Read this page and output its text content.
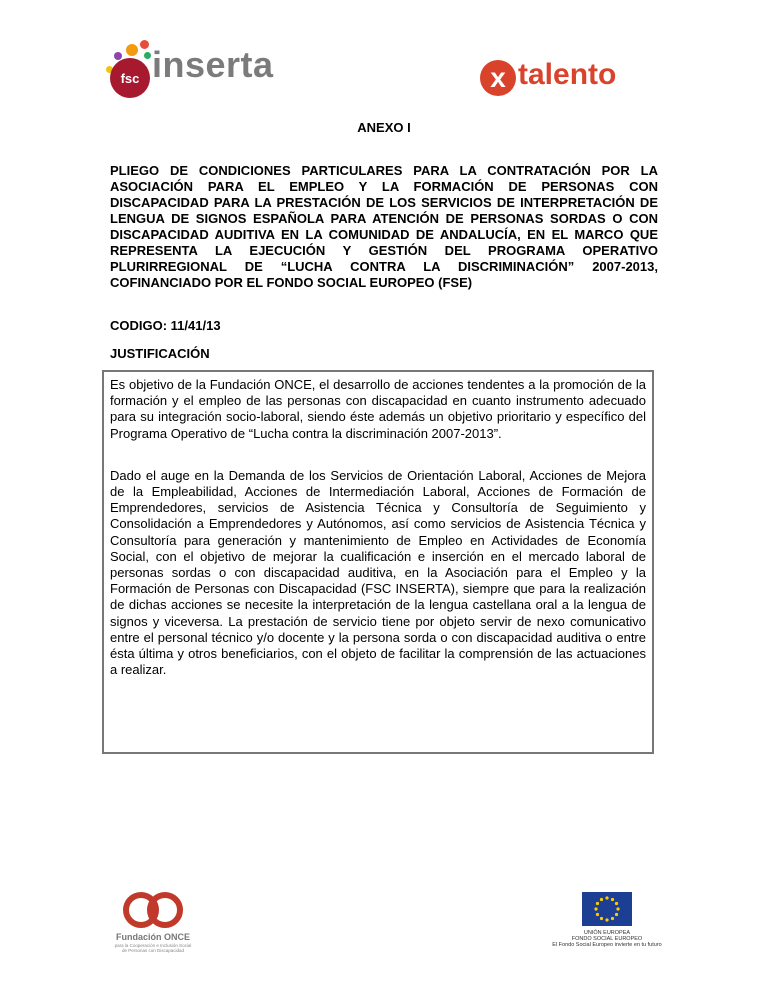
fsc inserta	x talento
ANEXO I

PLIEGO DE CONDICIONES PARTICULARES PARA LA CONTRATACIÓN POR LA ASOCIACIÓN PARA EL EMPLEO Y LA FORMACIÓN DE PERSONAS CON DISCAPACIDAD PARA LA PRESTACIÓN DE LOS SERVICIOS DE INTERPRETACIÓN DE LENGUA DE SIGNOS ESPAÑOLA PARA ATENCIÓN DE PERSONAS SORDAS O CON DISCAPACIDAD AUDITIVA EN LA COMUNIDAD DE ANDALUCÍA, EN EL MARCO QUE REPRESENTA LA EJECUCIÓN Y GESTIÓN DEL PROGRAMA OPERATIVO PLURIRREGIONAL DE “LUCHA CONTRA LA DISCRIMINACIÓN” 2007-2013, COFINANCIADO POR EL FONDO SOCIAL EUROPEO (FSE)

CODIGO: 11/41/13
JUSTIFICACIÓN

Es objetivo de la Fundación ONCE, el desarrollo de acciones tendentes a la promoción de la formación y el empleo de las personas con discapacidad en cuanto instrumento adecuado para su integración socio-laboral, siendo éste además un objetivo prioritario y específico del Programa Operativo de “Lucha contra la discriminación 2007-2013”.

Dado el auge en la Demanda de los Servicios de Orientación Laboral, Acciones de Mejora de la Empleabilidad, Acciones de Intermediación Laboral, Acciones de Formación de Emprendedores, servicios de Asistencia Técnica y Consultoría de Seguimiento y Consolidación a Emprendedores y Autónomos, así como servicios de Asistencia Técnica y Consultoría para generación y mantenimiento de Empleo en Actividades de Economía Social, con el objetivo de mejorar la cualificación e inserción en el mercado laboral de personas sordas o con discapacidad auditiva, en la Asociación para el Empleo y la Formación de Personas con Discapacidad (FSC INSERTA), siempre que para la realización de dichas acciones se necesite la interpretación de la lengua castellana oral a la lengua de signos y viceversa. La prestación de servicio tiene por objeto servir de nexo comunicativo entre el personal técnico y/o docente y la persona sorda o con discapacidad auditiva o entre ésta última y otros beneficiarios, con el objeto de facilitar la comprensión de las actuaciones a realizar.

Fundación ONCE
para la Cooperación e Inclusión Social
de Personas con Discapacidad
UNIÓN EUROPEA
FONDO SOCIAL EUROPEO
El Fondo Social Europeo invierte en tu futuro
